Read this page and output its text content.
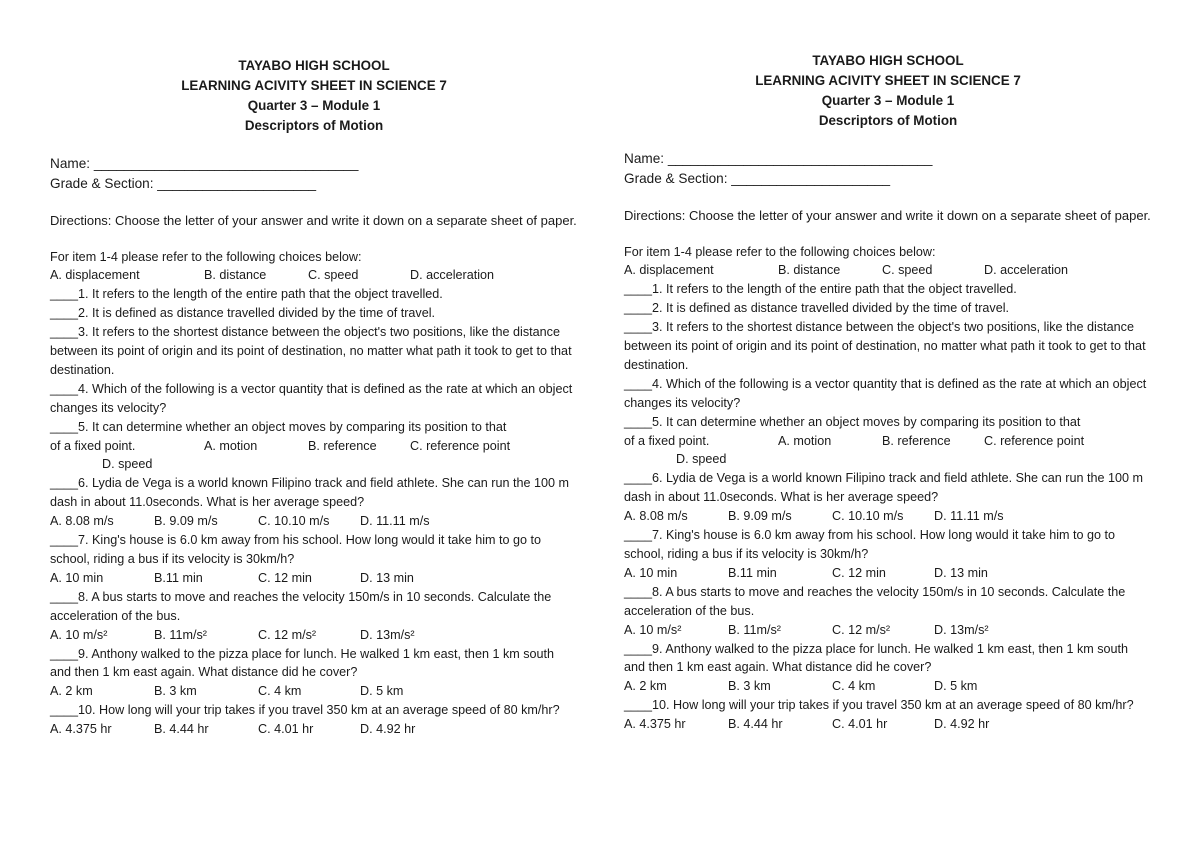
TAYABO HIGH SCHOOL
LEARNING ACIVITY SHEET IN SCIENCE 7
Quarter 3 – Module 1
Descriptors of Motion
Name: ___________________________________
Grade & Section: _____________________
Directions: Choose the letter of your answer and write it down on a separate sheet of paper.
For item 1-4 please refer to the following choices below:
A. displacement	B. distance	C. speed	D. acceleration
____1. It refers to the length of the entire path that the object travelled.
____2. It is defined as distance travelled divided by the time of travel.
____3. It refers to the shortest distance between the object's two positions, like the distance between its point of origin and its point of destination, no matter what path it took to get to that destination.
____4. Which of the following is a vector quantity that is defined as the rate at which an object changes its velocity?
____5. It can determine whether an object moves by comparing its position to that
of a fixed point.	A. motion	B. reference	C. reference point
D. speed
____6. Lydia de Vega is a world known Filipino track and field athlete. She can run the 100 m dash in about 11.0seconds. What is her average speed?
A. 8.08 m/s	B. 9.09 m/s	C. 10.10 m/s D. 11.11 m/s
____7. King's house is 6.0 km away from his school. How long would it take him to go to
school, riding a bus if its velocity is 30km/h?
A. 10 min	B.11 min	C. 12 min	D. 13 min
____8. A bus starts to move and reaches the velocity 150m/s in 10 seconds. Calculate the acceleration of the bus.
A. 10 m/s²	B. 11m/s²	C. 12 m/s²	D. 13m/s²
____9. Anthony walked to the pizza place for lunch. He walked 1 km east, then 1 km south and then 1 km east again. What distance did he cover?
A. 2 km	B. 3 km	C. 4 km	D. 5 km
____10. How long will your trip takes if you travel 350 km at an average speed of 80 km/hr?
A. 4.375 hr	B. 4.44 hr	C. 4.01 hr	D. 4.92 hr
TAYABO HIGH SCHOOL
LEARNING ACIVITY SHEET IN SCIENCE 7
Quarter 3 – Module 1
Descriptors of Motion
Name: ___________________________________
Grade & Section: _____________________
Directions: Choose the letter of your answer and write it down on a separate sheet of paper.
For item 1-4 please refer to the following choices below:
A. displacement	B. distance	C. speed	D. acceleration
____1. It refers to the length of the entire path that the object travelled.
____2. It is defined as distance travelled divided by the time of travel.
____3. It refers to the shortest distance between the object's two positions, like the distance between its point of origin and its point of destination, no matter what path it took to get to that destination.
____4. Which of the following is a vector quantity that is defined as the rate at which an object changes its velocity?
____5. It can determine whether an object moves by comparing its position to that
of a fixed point.	A. motion	B. reference	C. reference point
D. speed
____6. Lydia de Vega is a world known Filipino track and field athlete. She can run the 100 m dash in about 11.0seconds. What is her average speed?
A. 8.08 m/s	B. 9.09 m/s	C. 10.10 m/s D. 11.11 m/s
____7. King's house is 6.0 km away from his school. How long would it take him to go to
school, riding a bus if its velocity is 30km/h?
A. 10 min	B.11 min	C. 12 min	D. 13 min
____8. A bus starts to move and reaches the velocity 150m/s in 10 seconds. Calculate the acceleration of the bus.
A. 10 m/s²	B. 11m/s²	C. 12 m/s²	D. 13m/s²
____9. Anthony walked to the pizza place for lunch. He walked 1 km east, then 1 km south and then 1 km east again. What distance did he cover?
A. 2 km	B. 3 km	C. 4 km	D. 5 km
____10. How long will your trip takes if you travel 350 km at an average speed of 80 km/hr?
A. 4.375 hr	B. 4.44 hr	C. 4.01 hr	D. 4.92 hr
